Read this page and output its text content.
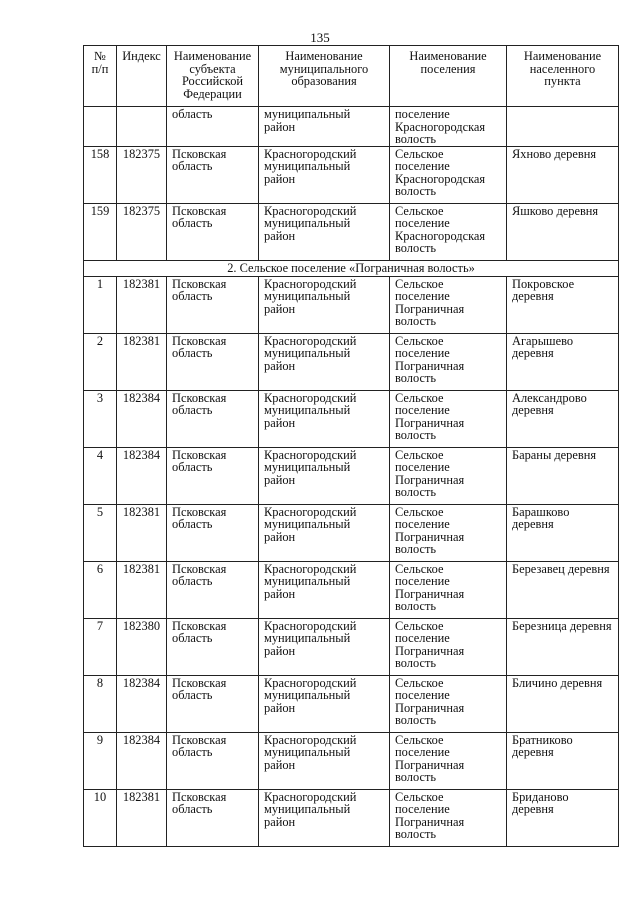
135
№ п/п	Индекс	Наименование субъекта Российской Федерации	Наименование муниципального образования	Наименование поселения	Наименование населенного пункта
		область	муниципальный район	поселение Красногородская волость	
158	182375	Псковская область	Красногородский муниципальный район	Сельское поселение Красногородская волость	Яхново деревня
159	182375	Псковская область	Красногородский муниципальный район	Сельское поселение Красногородская волость	Яшково деревня
2. Сельское поселение «Пограничная волость»					
1	182381	Псковская область	Красногородский муниципальный район	Сельское поселение Пограничная волость	Покровское деревня
2	182381	Псковская область	Красногородский муниципальный район	Сельское поселение Пограничная волость	Агарышево деревня
3	182384	Псковская область	Красногородский муниципальный район	Сельское поселение Пограничная волость	Александрово деревня
4	182384	Псковская область	Красногородский муниципальный район	Сельское поселение Пограничная волость	Бараны деревня
5	182381	Псковская область	Красногородский муниципальный район	Сельское поселение Пограничная волость	Барашково деревня
6	182381	Псковская область	Красногородский муниципальный район	Сельское поселение Пограничная волость	Березавец деревня
7	182380	Псковская область	Красногородский муниципальный район	Сельское поселение Пограничная волость	Березница деревня
8	182384	Псковская область	Красногородский муниципальный район	Сельское поселение Пограничная волость	Бличино деревня
9	182384	Псковская область	Красногородский муниципальный район	Сельское поселение Пограничная волость	Братниково деревня
10	182381	Псковская область	Красногородский муниципальный район	Сельское поселение Пограничная волость	Бриданово деревня
